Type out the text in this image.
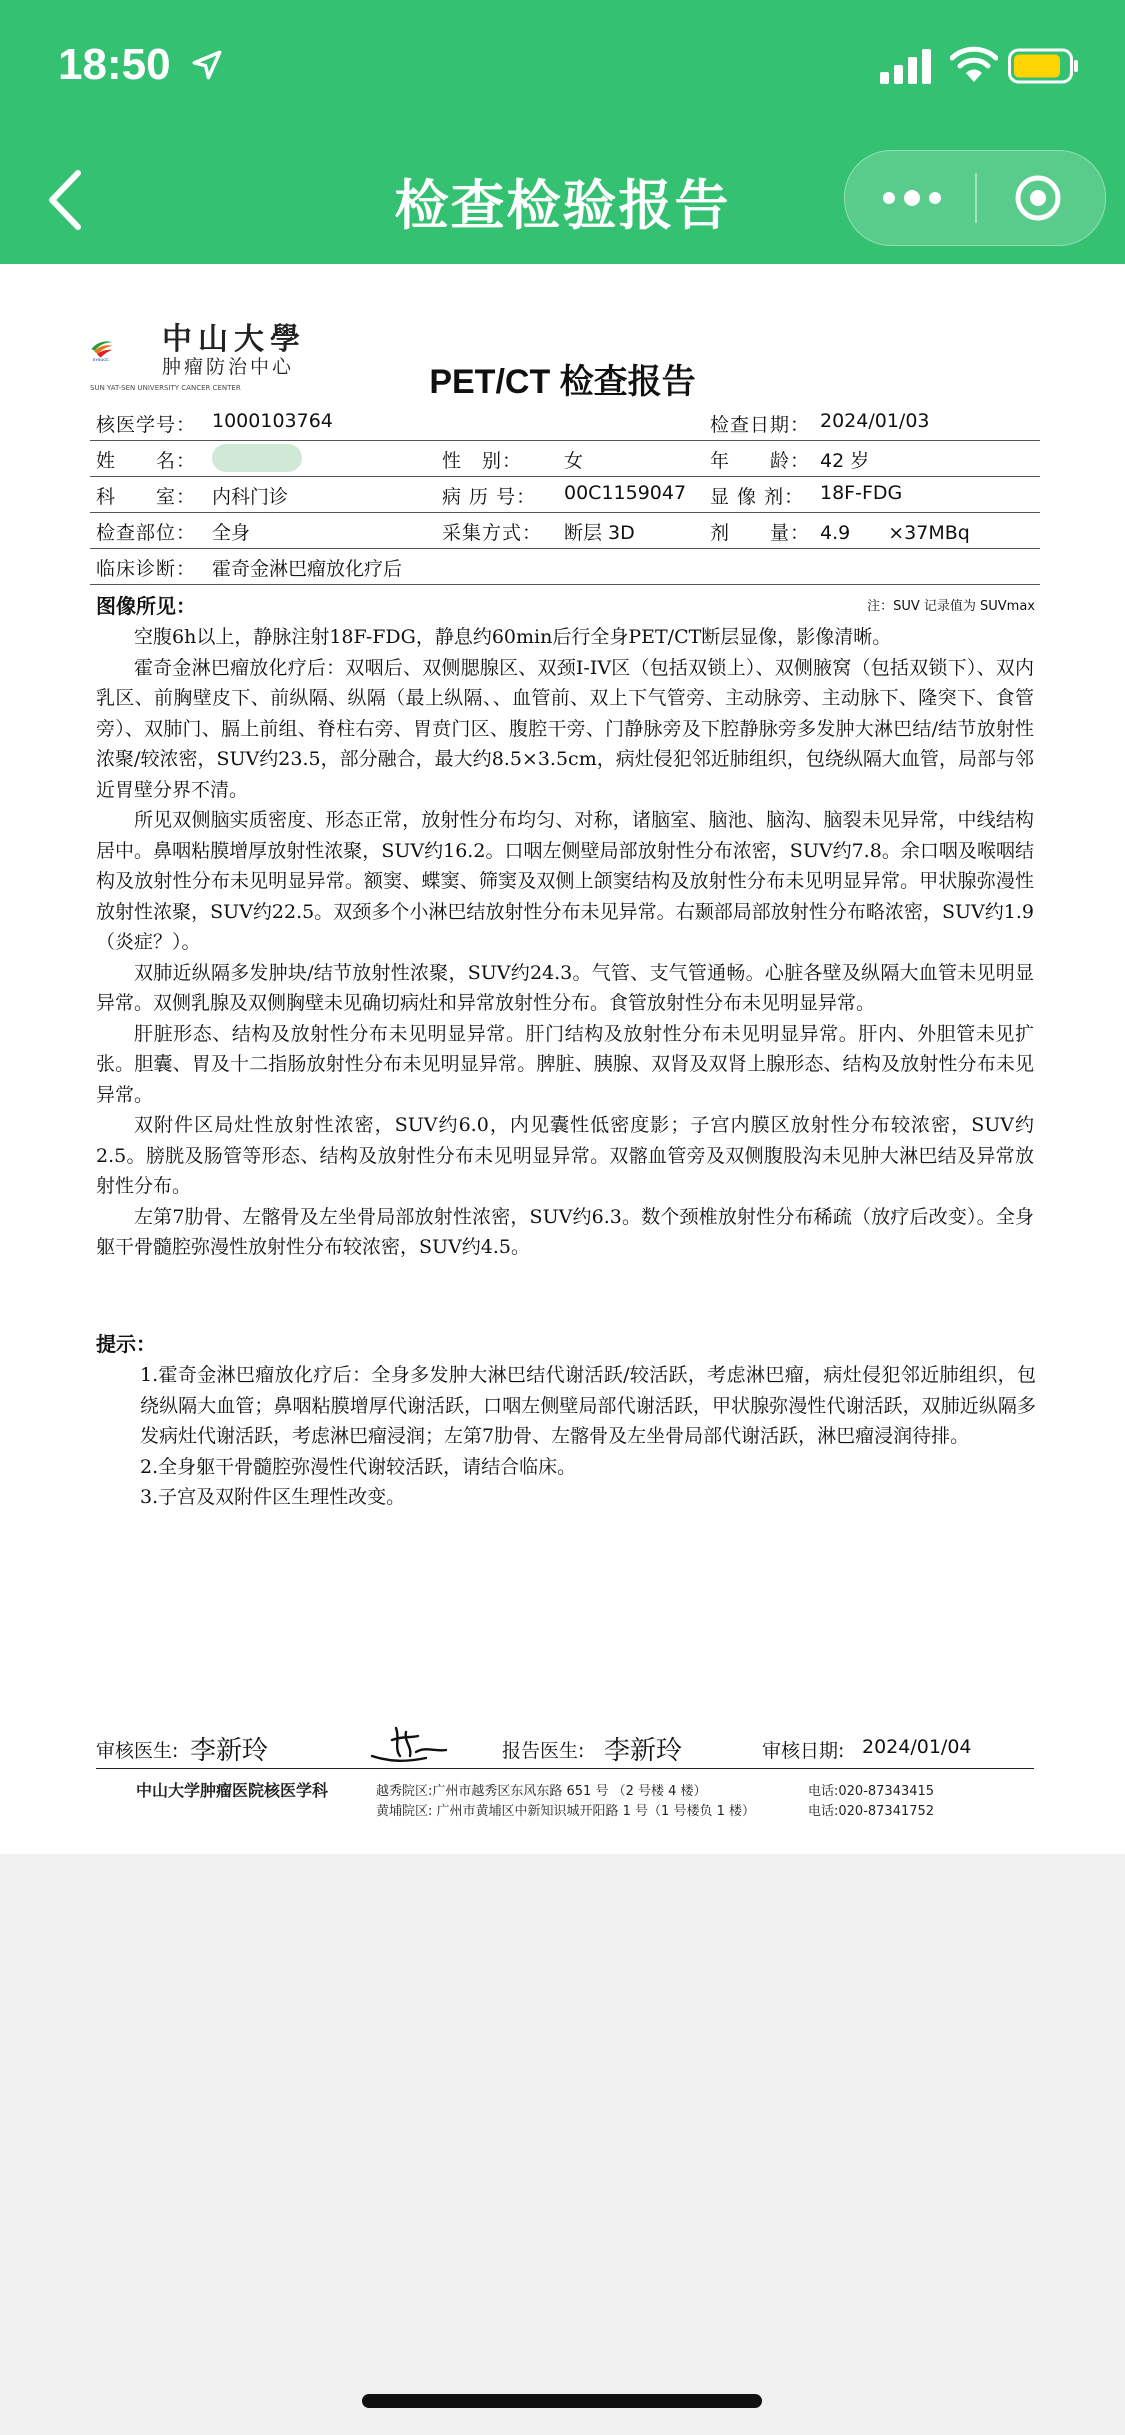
18:50
检查检验报告
SYSUCC
中山大學
肿瘤防治中心
SUN YAT-SEN UNIVERSITY CANCER CENTER	PET/CT 检查报告
核医学号： 1000103764	检查日期： 2024/01/03
姓　　名：	性　别： 女	年　　龄： 42 岁
科　　室： 内科门诊	病 历 号： 00C1159047 显 像 剂： 18F-FDG
检查部位： 全身	采集方式： 断层 3D	剂　　量： 4.9　　×37MBq
临床诊断： 霍奇金淋巴瘤放化疗后
图像所见：	注：SUV 记录值为 SUVmax

空腹6h以上，静脉注射18F-FDG，静息约60min后行全身PET/CT断层显像，影像清晰。

霍奇金淋巴瘤放化疗后：双咽后、双侧腮腺区、双颈I-IV区（包括双锁上）、双侧腋窝（包括双锁下）、双内乳区、前胸壁皮下、前纵隔、纵隔（最上纵隔、、血管前、双上下气管旁、主动脉旁、主动脉下、隆突下、食管旁）、双肺门、膈上前组、脊柱右旁、胃贲门区、腹腔干旁、门静脉旁及下腔静脉旁多发肿大淋巴结/结节放射性浓聚/较浓密，SUV约23.5，部分融合，最大约8.5×3.5cm，病灶侵犯邻近肺组织，包绕纵隔大血管，局部与邻近胃壁分界不清。

所见双侧脑实质密度、形态正常，放射性分布均匀、对称，诸脑室、脑池、脑沟、脑裂未见异常，中线结构居中。鼻咽粘膜增厚放射性浓聚，SUV约16.2。口咽左侧壁局部放射性分布浓密，SUV约7.8。余口咽及喉咽结构及放射性分布未见明显异常。额窦、蝶窦、筛窦及双侧上颌窦结构及放射性分布未见明显异常。甲状腺弥漫性放射性浓聚，SUV约22.5。双颈多个小淋巴结放射性分布未见异常。右颞部局部放射性分布略浓密，SUV约1.9（炎症？）。

双肺近纵隔多发肿块/结节放射性浓聚，SUV约24.3。气管、支气管通畅。心脏各壁及纵隔大血管未见明显异常。双侧乳腺及双侧胸壁未见确切病灶和异常放射性分布。食管放射性分布未见明显异常。

肝脏形态、结构及放射性分布未见明显异常。肝门结构及放射性分布未见明显异常。肝内、外胆管未见扩张。胆囊、胃及十二指肠放射性分布未见明显异常。脾脏、胰腺、双肾及双肾上腺形态、结构及放射性分布未见异常。

双附件区局灶性放射性浓密，SUV约6.0，内见囊性低密度影；子宫内膜区放射性分布较浓密，SUV约2.5。膀胱及肠管等形态、结构及放射性分布未见明显异常。双髂血管旁及双侧腹股沟未见肿大淋巴结及异常放射性分布。

左第7肋骨、左髂骨及左坐骨局部放射性浓密，SUV约6.3。数个颈椎放射性分布稀疏（放疗后改变）。全身躯干骨髓腔弥漫性放射性分布较浓密，SUV约4.5。

提示：

1.霍奇金淋巴瘤放化疗后：全身多发肿大淋巴结代谢活跃/较活跃，考虑淋巴瘤，病灶侵犯邻近肺组织，包绕纵隔大血管；鼻咽粘膜增厚代谢活跃，口咽左侧壁局部代谢活跃，甲状腺弥漫性代谢活跃，双肺近纵隔多发病灶代谢活跃，考虑淋巴瘤浸润；左第7肋骨、左髂骨及左坐骨局部代谢活跃，淋巴瘤浸润待排。

2.全身躯干骨髓腔弥漫性代谢较活跃，请结合临床。

3.子宫及双附件区生理性改变。

审核医生: 李新玲	报告医生: 李新玲	审核日期: 2024/01/04
中山大学肿瘤医院核医学科	越秀院区:广州市越秀区东风东路 651 号 （2 号楼 4 楼）
黄埔院区: 广州市黄埔区中新知识城开阳路 1 号（1 号楼负 1 楼）
电话:020-87343415
电话:020-87341752
